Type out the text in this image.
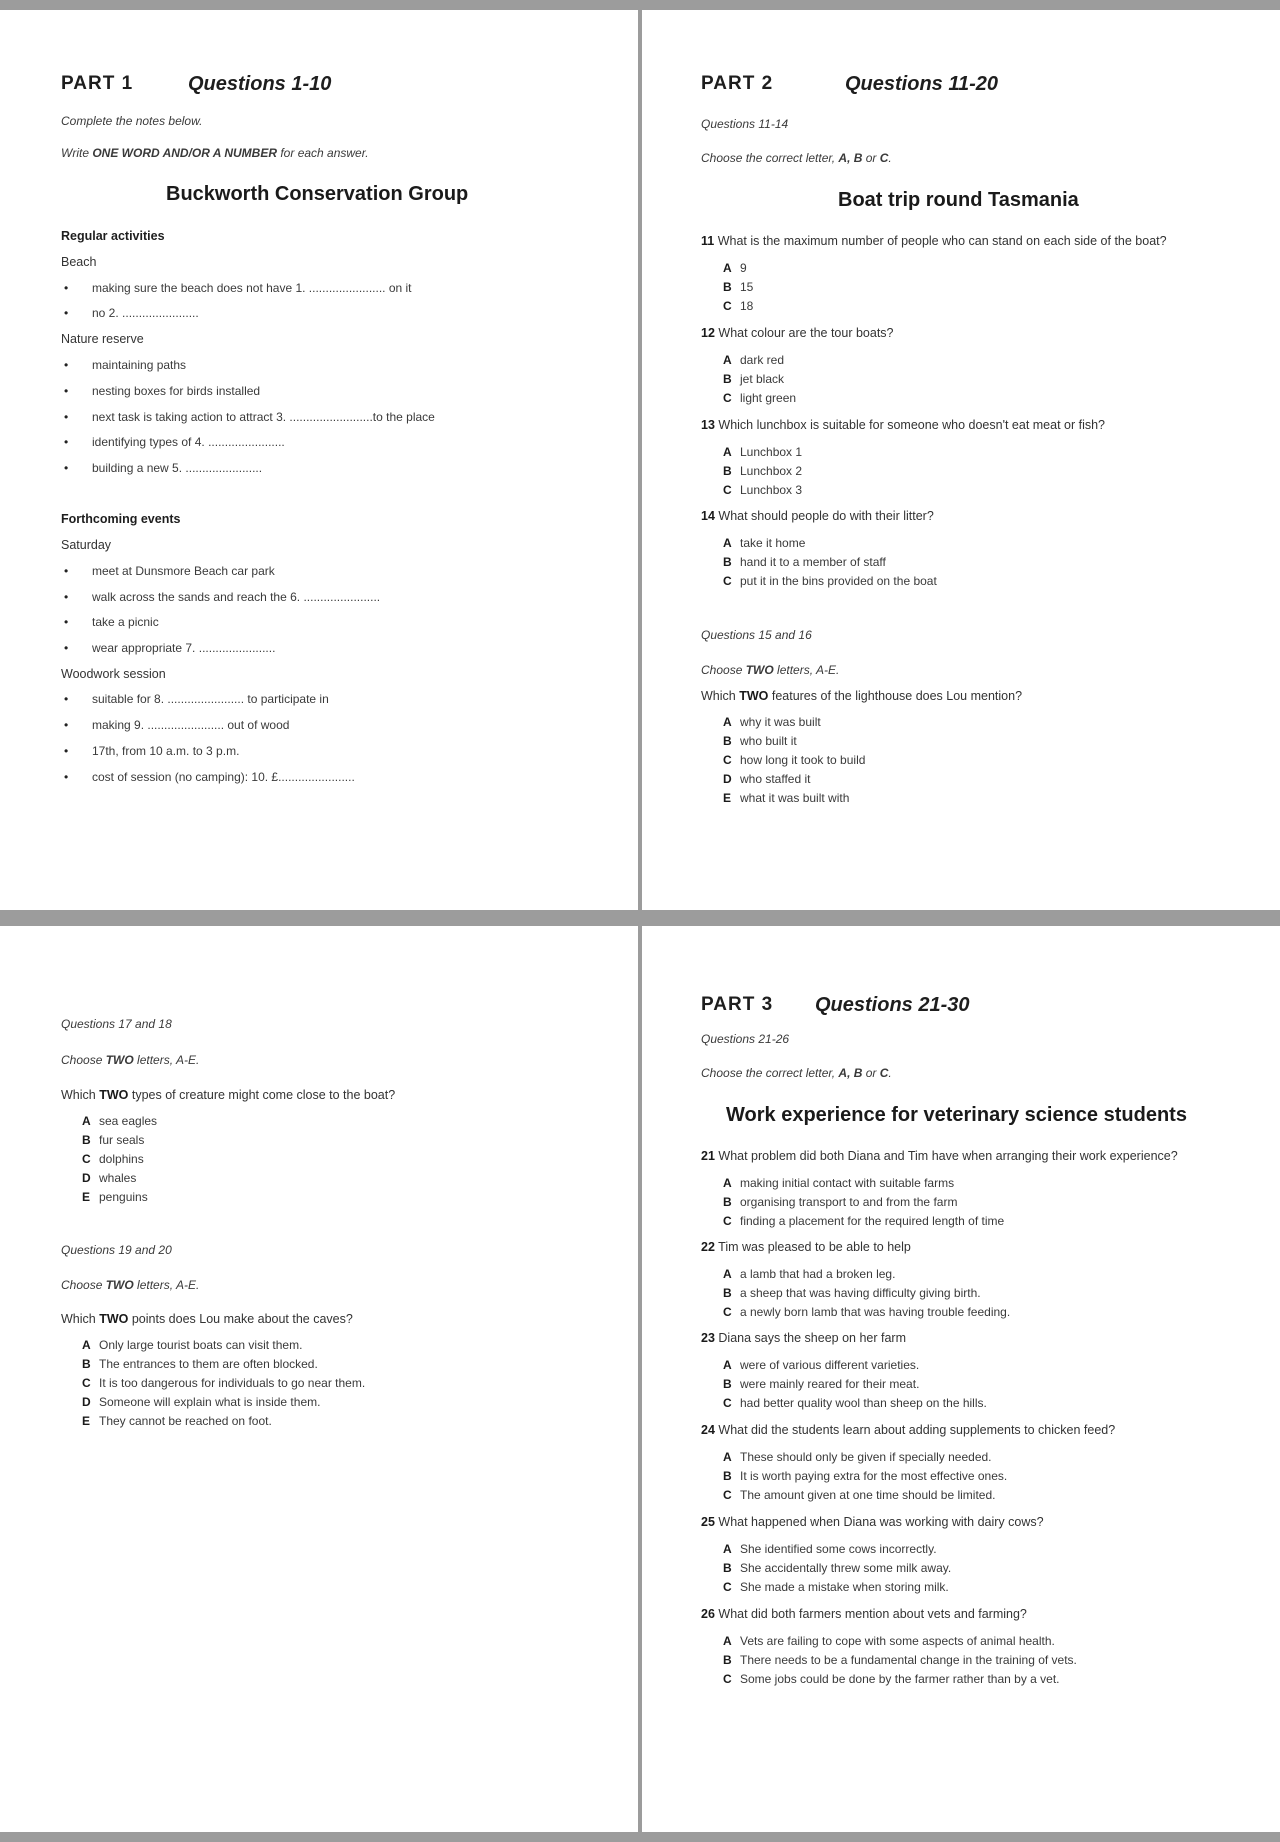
PART 1	Questions 1-10
Complete the notes below.
Write ONE WORD AND/OR A NUMBER for each answer.
Buckworth Conservation Group
Regular activities
Beach
• making sure the beach does not have 1. ....................... on it
• no 2. .......................
Nature reserve
• maintaining paths
• nesting boxes for birds installed
• next task is taking action to attract 3. .........................to the place
• identifying types of 4. .......................
• building a new 5. .......................
Forthcoming events
Saturday
• meet at Dunsmore Beach car park
• walk across the sands and reach the 6. .......................
• take a picnic
• wear appropriate 7. .......................
Woodwork session
• suitable for 8. ....................... to participate in
• making 9. ....................... out of wood
• 17th, from 10 a.m. to 3 p.m.
• cost of session (no camping): 10. £.......................
PART 2	Questions 11-20
Questions 11-14
Choose the correct letter, A, B or C.
Boat trip round Tasmania
11 What is the maximum number of people who can stand on each side of the boat?
A 9
B 15
C 18
12 What colour are the tour boats?
A dark red
B jet black
C light green
13 Which lunchbox is suitable for someone who doesn't eat meat or fish?
A Lunchbox 1
B Lunchbox 2
C Lunchbox 3
14 What should people do with their litter?
A take it home
B hand it to a member of staff
C put it in the bins provided on the boat
Questions 15 and 16
Choose TWO letters, A-E.
Which TWO features of the lighthouse does Lou mention?
A why it was built
B who built it
C how long it took to build
D who staffed it
E what it was built with
Questions 17 and 18
Choose TWO letters, A-E.
Which TWO types of creature might come close to the boat?
A sea eagles
B fur seals
C dolphins
D whales
E penguins
Questions 19 and 20
Choose TWO letters, A-E.
Which TWO points does Lou make about the caves?
A Only large tourist boats can visit them.
B The entrances to them are often blocked.
C It is too dangerous for individuals to go near them.
D Someone will explain what is inside them.
E They cannot be reached on foot.
PART 3 Questions 21-30
Questions 21-26
Choose the correct letter, A, B or C.
Work experience for veterinary science students
21 What problem did both Diana and Tim have when arranging their work experience?
A making initial contact with suitable farms
B organising transport to and from the farm
C finding a placement for the required length of time
22 Tim was pleased to be able to help
A a lamb that had a broken leg.
B a sheep that was having difficulty giving birth.
C a newly born lamb that was having trouble feeding.
23 Diana says the sheep on her farm
A were of various different varieties.
B were mainly reared for their meat.
C had better quality wool than sheep on the hills.
24 What did the students learn about adding supplements to chicken feed?
A These should only be given if specially needed.
B It is worth paying extra for the most effective ones.
C The amount given at one time should be limited.
25 What happened when Diana was working with dairy cows?
A She identified some cows incorrectly.
B She accidentally threw some milk away.
C She made a mistake when storing milk.
26 What did both farmers mention about vets and farming?
A Vets are failing to cope with some aspects of animal health.
B There needs to be a fundamental change in the training of vets.
C Some jobs could be done by the farmer rather than by a vet.
